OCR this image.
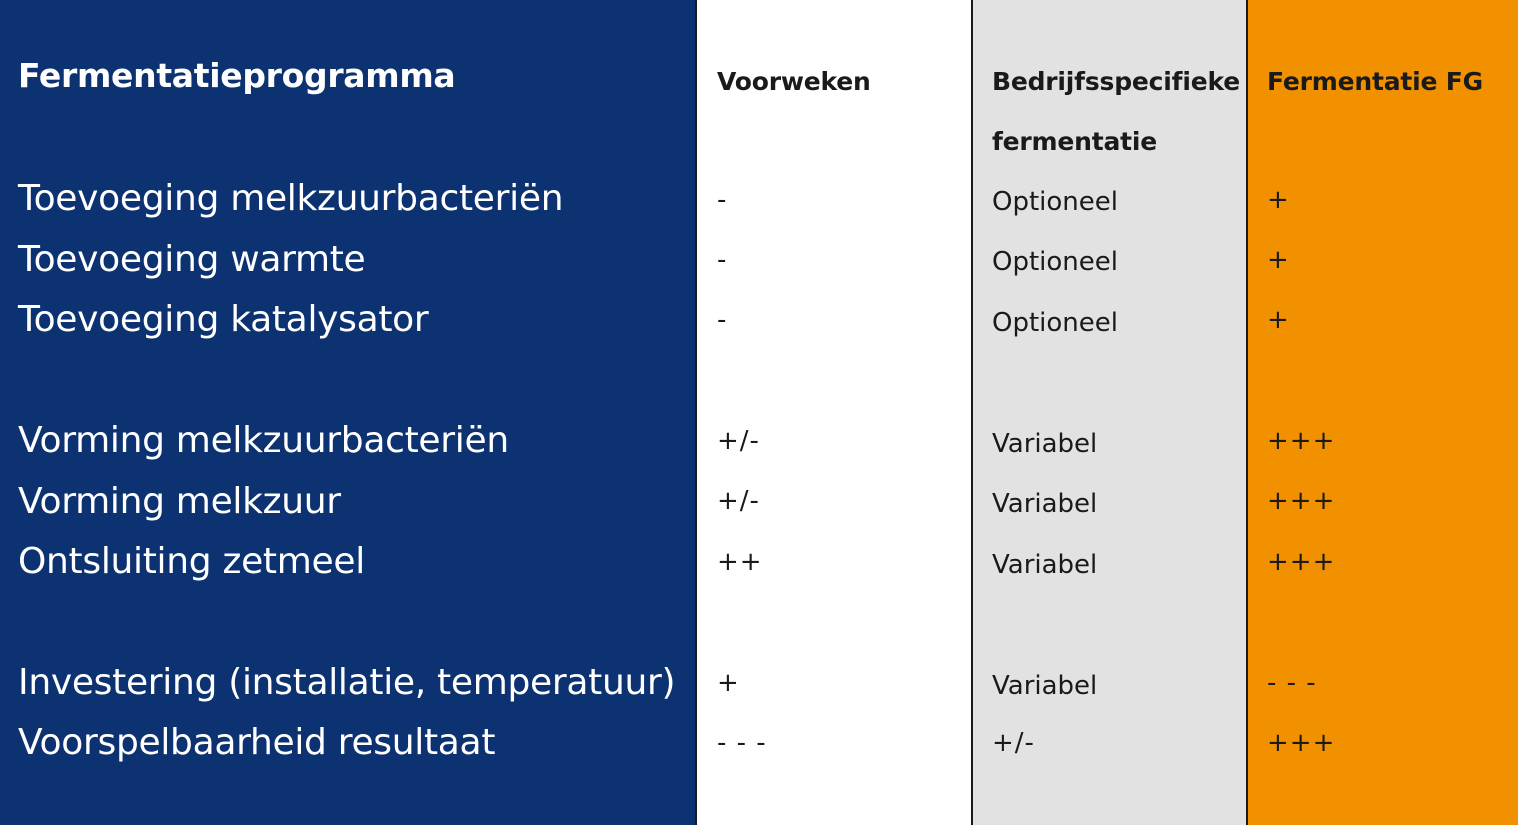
Fermentatieprogramma
Toevoeging melkzuurbacteriën
Toevoeging warmte
Toevoeging katalysator
Vorming melkzuurbacteriën
Vorming melkzuur
Ontsluiting zetmeel
Investering (installatie, temperatuur)
Voorspelbaarheid resultaat
Voorweken
-
-
-
+/-
+/-
++
+
- - -
Bedrijfsspecifieke
fermentatie
Optioneel
Optioneel
Optioneel
Variabel
Variabel
Variabel
Variabel
+/-
Fermentatie FG
+
+
+
+++
+++
+++
- - -
+++
